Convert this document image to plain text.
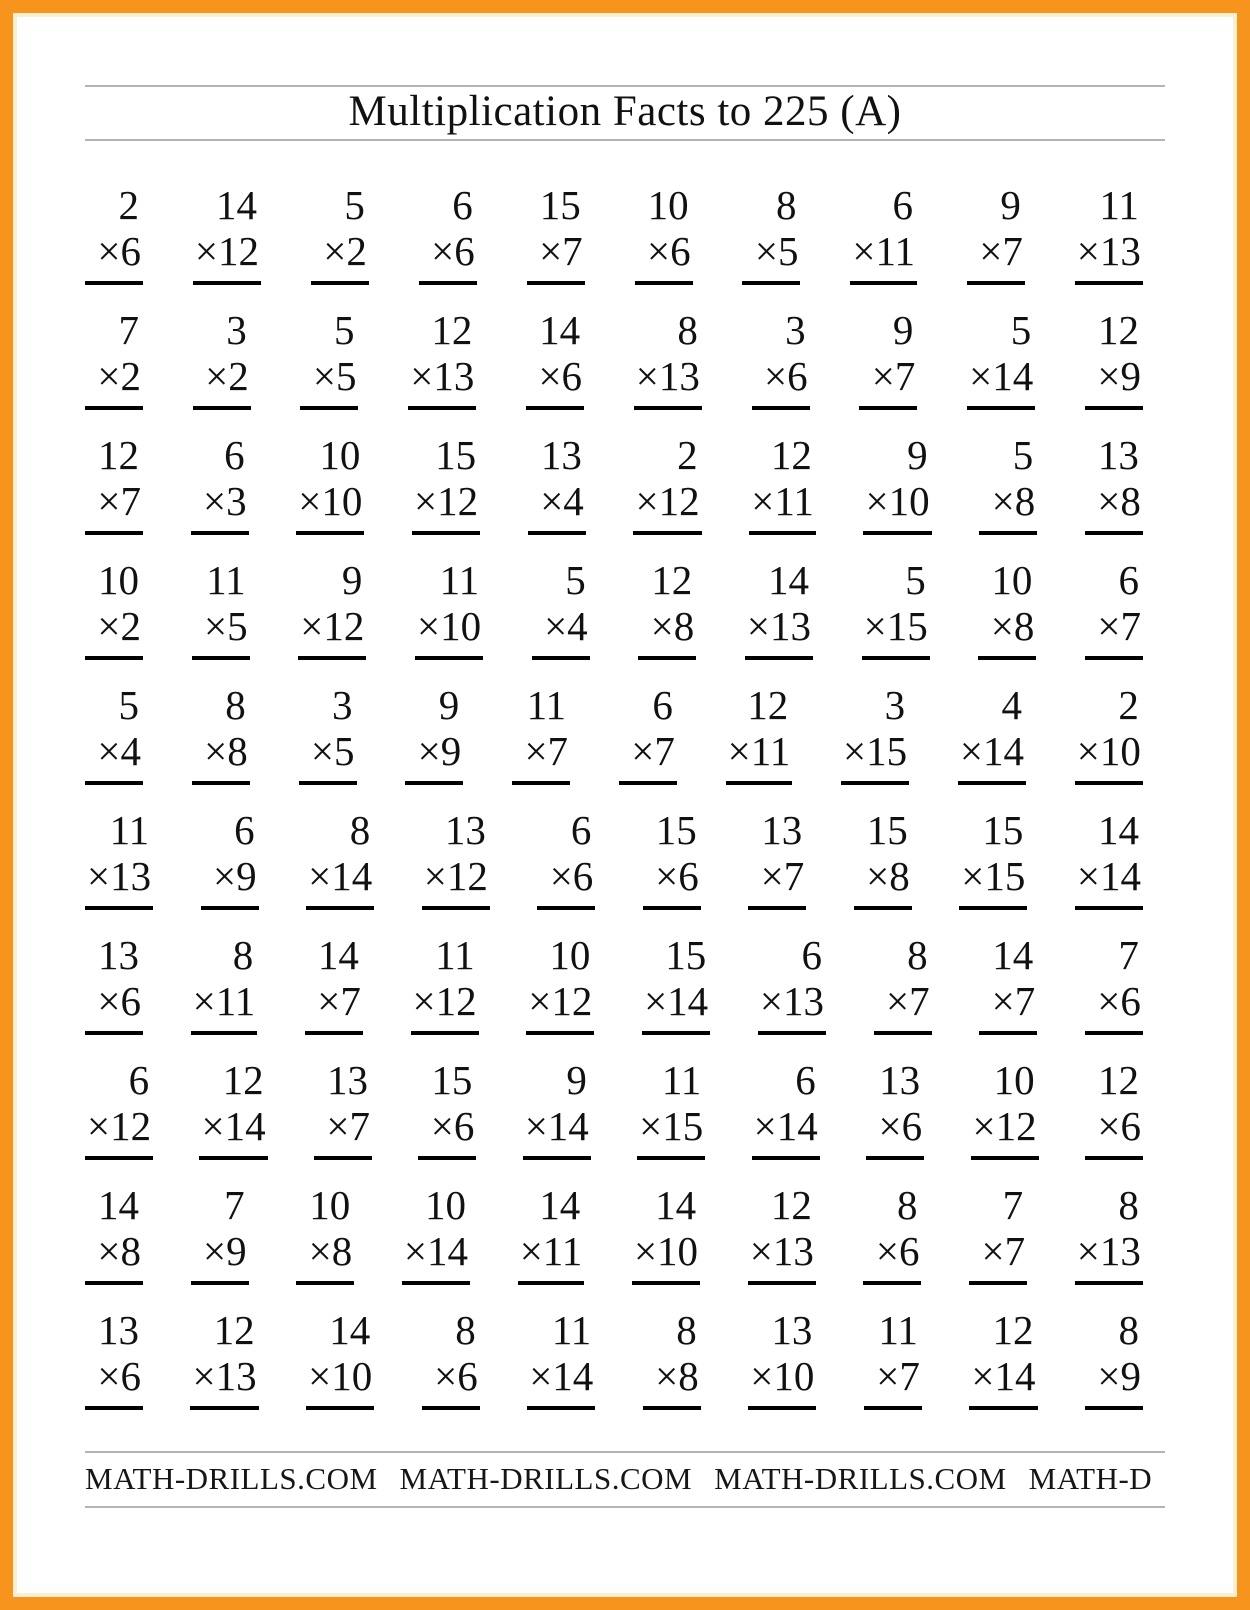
Multiplication Facts to 225 (A)
2
×6
14
×12
5
×2
6
×6
15
×7
10
×6
8
×5
6
×11
9
×7
11
×13
7
×2
3
×2
5
×5
12
×13
14
×6
8
×13
3
×6
9
×7
5
×14
12
×9
12
×7
6
×3
10
×10
15
×12
13
×4
2
×12
12
×11
9
×10
5
×8
13
×8
10
×2
11
×5
9
×12
11
×10
5
×4
12
×8
14
×13
5
×15
10
×8
6
×7
5
×4
8
×8
3
×5
9
×9
11
×7
6
×7
12
×11
3
×15
4
×14
2
×10
11
×13
6
×9
8
×14
13
×12
6
×6
15
×6
13
×7
15
×8
15
×15
14
×14
13
×6
8
×11
14
×7
11
×12
10
×12
15
×14
6
×13
8
×7
14
×7
7
×6
6
×12
12
×14
13
×7
15
×6
9
×14
11
×15
6
×14
13
×6
10
×12
12
×6
14
×8
7
×9
10
×8
10
×14
14
×11
14
×10
12
×13
8
×6
7
×7
8
×13
13
×6
12
×13
14
×10
8
×6
11
×14
8
×8
13
×10
11
×7
12
×14
8
×9
MATH-DRILLS.COM MATH-DRILLS.COM MATH-DRILLS.COM MATH-D
